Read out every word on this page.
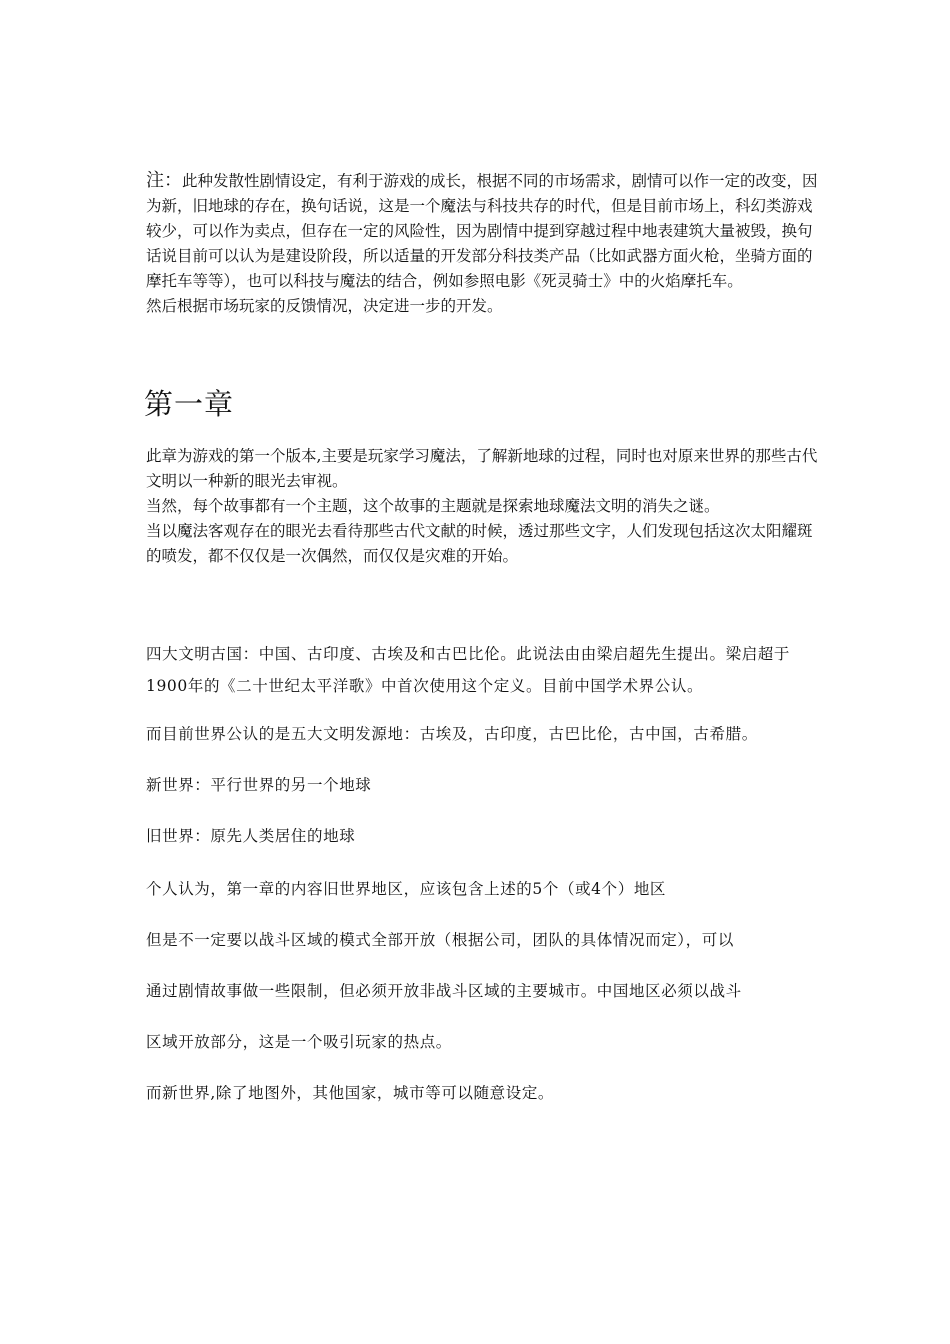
注：此种发散性剧情设定，有利于游戏的成长，根据不同的市场需求，剧情可以作一定的改变，因为新，旧地球的存在，换句话说，这是一个魔法与科技共存的时代，但是目前市场上，科幻类游戏较少，可以作为卖点，但存在一定的风险性，因为剧情中提到穿越过程中地表建筑大量被毁，换句话说目前可以认为是建设阶段，所以适量的开发部分科技类产品（比如武器方面火枪，坐骑方面的摩托车等等），也可以科技与魔法的结合，例如参照电影《死灵骑士》中的火焰摩托车。

然后根据市场玩家的反馈情况，决定进一步的开发。

第一章

此章为游戏的第一个版本,主要是玩家学习魔法，了解新地球的过程，同时也对原来世界的那些古代文明以一种新的眼光去审视。

当然，每个故事都有一个主题，这个故事的主题就是探索地球魔法文明的消失之谜。

当以魔法客观存在的眼光去看待那些古代文献的时候，透过那些文字，人们发现包括这次太阳耀斑的喷发，都不仅仅是一次偶然，而仅仅是灾难的开始。

四大文明古国：中国、古印度、古埃及和古巴比伦。此说法由由梁启超先生提出。梁启超于1900年的《二十世纪太平洋歌》中首次使用这个定义。目前中国学术界公认。

而目前世界公认的是五大文明发源地：古埃及，古印度，古巴比伦，古中国，古希腊。

新世界：平行世界的另一个地球

旧世界：原先人类居住的地球

个人认为，第一章的内容旧世界地区，应该包含上述的5个（或4个）地区

但是不一定要以战斗区域的模式全部开放（根据公司，团队的具体情况而定），可以

通过剧情故事做一些限制，但必须开放非战斗区域的主要城市。中国地区必须以战斗

区域开放部分，这是一个吸引玩家的热点。

而新世界,除了地图外，其他国家，城市等可以随意设定。
